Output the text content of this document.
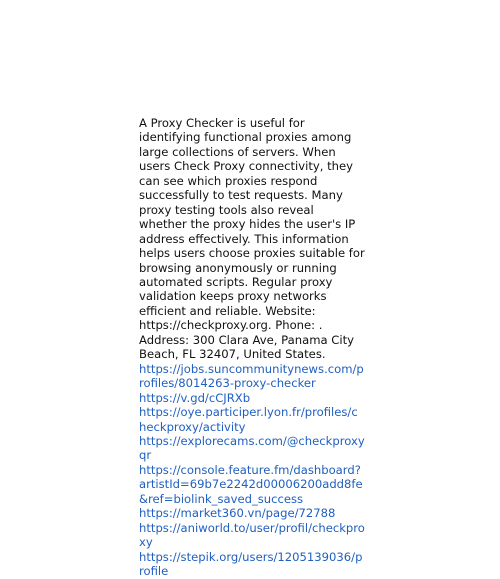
A Proxy Checker is useful for identifying functional proxies among large collections of servers. When users Check Proxy connectivity, they can see which proxies respond successfully to test requests. Many proxy testing tools also reveal whether the proxy hides the user's IP address effectively. This information helps users choose proxies suitable for browsing anonymously or running automated scripts. Regular proxy validation keeps proxy networks efficient and reliable. Website: https://checkproxy.org. Phone: . Address: 300 Clara Ave, Panama City Beach, FL 32407, United States.

https://jobs.suncommunitynews.com/profiles/8014263-proxy-checker
https://v.gd/cCJRXb
https://oye.participer.lyon.fr/profiles/checkproxy/activity
https://explorecams.com/@checkproxyqr
https://console.feature.fm/dashboard?artistId=69b7e2242d00006200add8fe&ref=biolink_saved_success
https://market360.vn/page/72788
https://aniworld.to/user/profil/checkproxy
https://stepik.org/users/1205139036/profile
